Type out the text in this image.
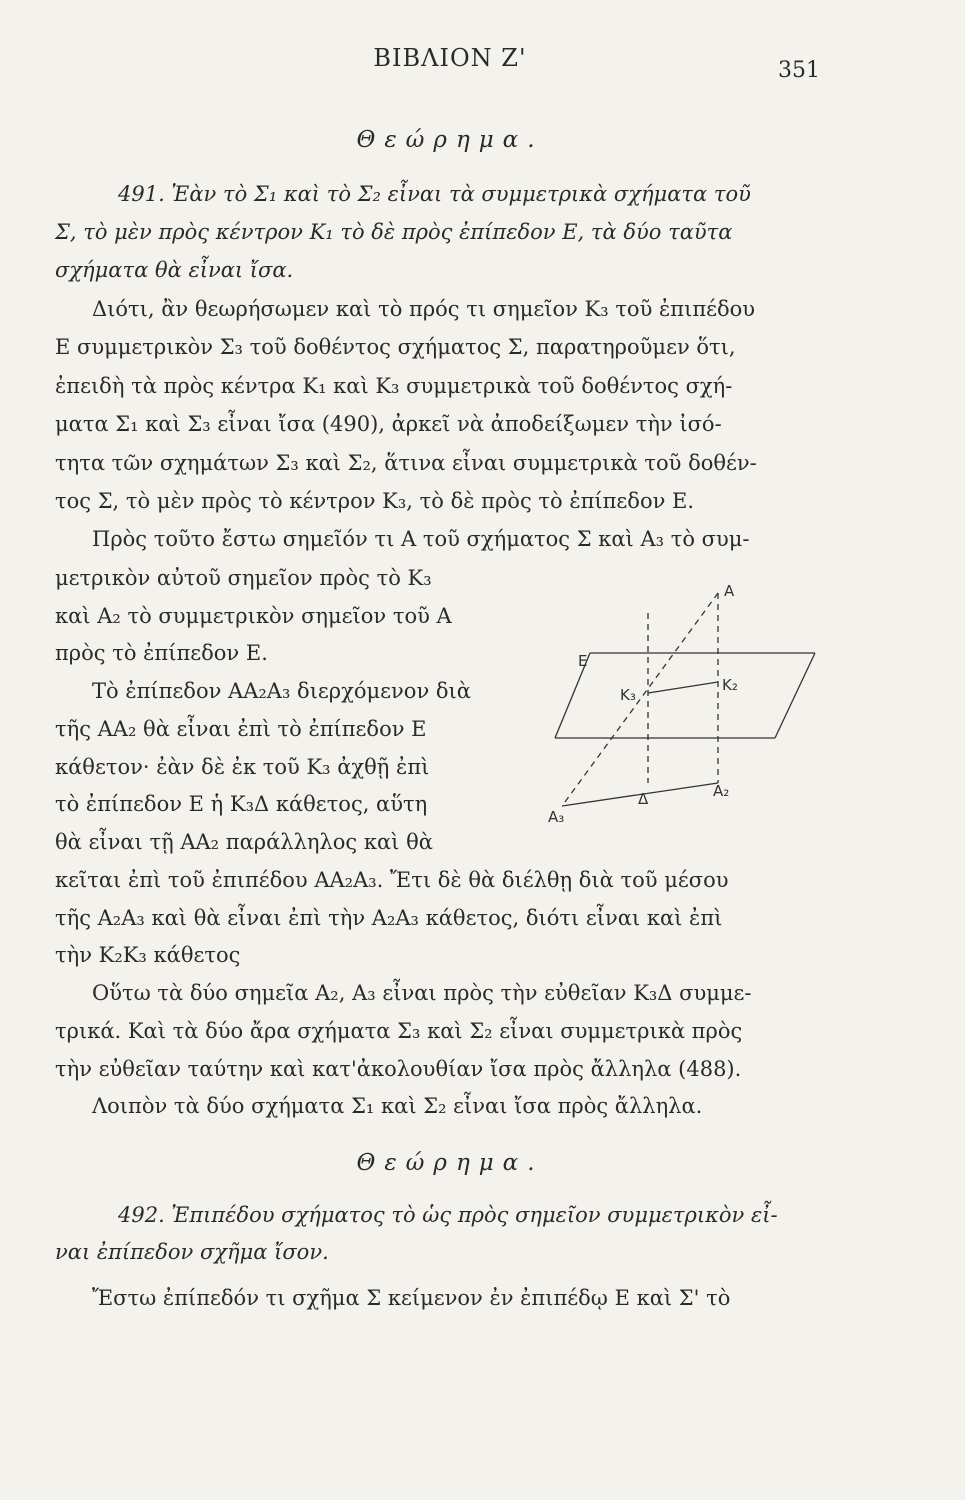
ΒΙΒΛΙΟΝ Ζ'	351
Θεώρημα.
491. Ἐὰν τὸ Σ₁ καὶ τὸ Σ₂ εἶναι τὰ συμμετρικὰ σχήματα τοῦ
Σ, τὸ μὲν πρὸς κέντρον Κ₁ τὸ δὲ πρὸς ἐπίπεδον Ε, τὰ δύο ταῦτα
σχήματα θὰ εἶναι ἴσα.
Διότι, ἂν θεωρήσωμεν καὶ τὸ πρός τι σημεῖον Κ₃ τοῦ ἐπιπέδου
Ε συμμετρικὸν Σ₃ τοῦ δοθέντος σχήματος Σ, παρατηροῦμεν ὅτι,
ἐπειδὴ τὰ πρὸς κέντρα Κ₁ καὶ Κ₃ συμμετρικὰ τοῦ δοθέντος σχή-
ματα Σ₁ καὶ Σ₃ εἶναι ἴσα (490), ἀρκεῖ νὰ ἀποδείξωμεν τὴν ἰσό-
τητα τῶν σχημάτων Σ₃ καὶ Σ₂, ἅτινα εἶναι συμμετρικὰ τοῦ δοθέν-
τος Σ, τὸ μὲν πρὸς τὸ κέντρον Κ₃, τὸ δὲ πρὸς τὸ ἐπίπεδον Ε.
Πρὸς τοῦτο ἔστω σημεῖόν τι Α τοῦ σχήματος Σ καὶ Α₃ τὸ συμ-
μετρικὸν αὐτοῦ σημεῖον πρὸς τὸ Κ₃
καὶ Α₂ τὸ συμμετρικὸν σημεῖον τοῦ Α
πρὸς τὸ ἐπίπεδον Ε.
Τὸ ἐπίπεδον ΑΑ₂Α₃ διερχόμενον διὰ
τῆς ΑΑ₂ θὰ εἶναι ἐπὶ τὸ ἐπίπεδον Ε
κάθετον· ἐὰν δὲ ἐκ τοῦ Κ₃ ἀχθῇ ἐπὶ
τὸ ἐπίπεδον Ε ἡ Κ₃Δ κάθετος, αὕτη
θὰ εἶναι τῇ ΑΑ₂ παράλληλος καὶ θὰ
κεῖται ἐπὶ τοῦ ἐπιπέδου ΑΑ₂Α₃. Ἔτι δὲ θὰ διέλθῃ διὰ τοῦ μέσου
τῆς Α₂Α₃ καὶ θὰ εἶναι ἐπὶ τὴν Α₂Α₃ κάθετος, διότι εἶναι καὶ ἐπὶ
τὴν Κ₂Κ₃ κάθετος
Οὕτω τὰ δύο σημεῖα Α₂, Α₃ εἶναι πρὸς τὴν εὐθεῖαν Κ₃Δ συμμε-
τρικά. Καὶ τὰ δύο ἄρα σχήματα Σ₃ καὶ Σ₂ εἶναι συμμετρικὰ πρὸς
τὴν εὐθεῖαν ταύτην καὶ κατ'ἀκολουθίαν ἴσα πρὸς ἄλληλα (488).
Λοιπὸν τὰ δύο σχήματα Σ₁ καὶ Σ₂ εἶναι ἴσα πρὸς ἄλληλα.
Θεώρημα.
492. Ἐπιπέδου σχήματος τὸ ὡς πρὸς σημεῖον συμμετρικὸν εἶ-
ναι ἐπίπεδον σχῆμα ἴσον.
Ἔστω ἐπίπεδόν τι σχῆμα Σ κείμενον ἐν ἐπιπέδῳ Ε καὶ Σ' τὸ
Α
Ε
Κ₃
Κ₂
Α₂
Δ
Α₃
